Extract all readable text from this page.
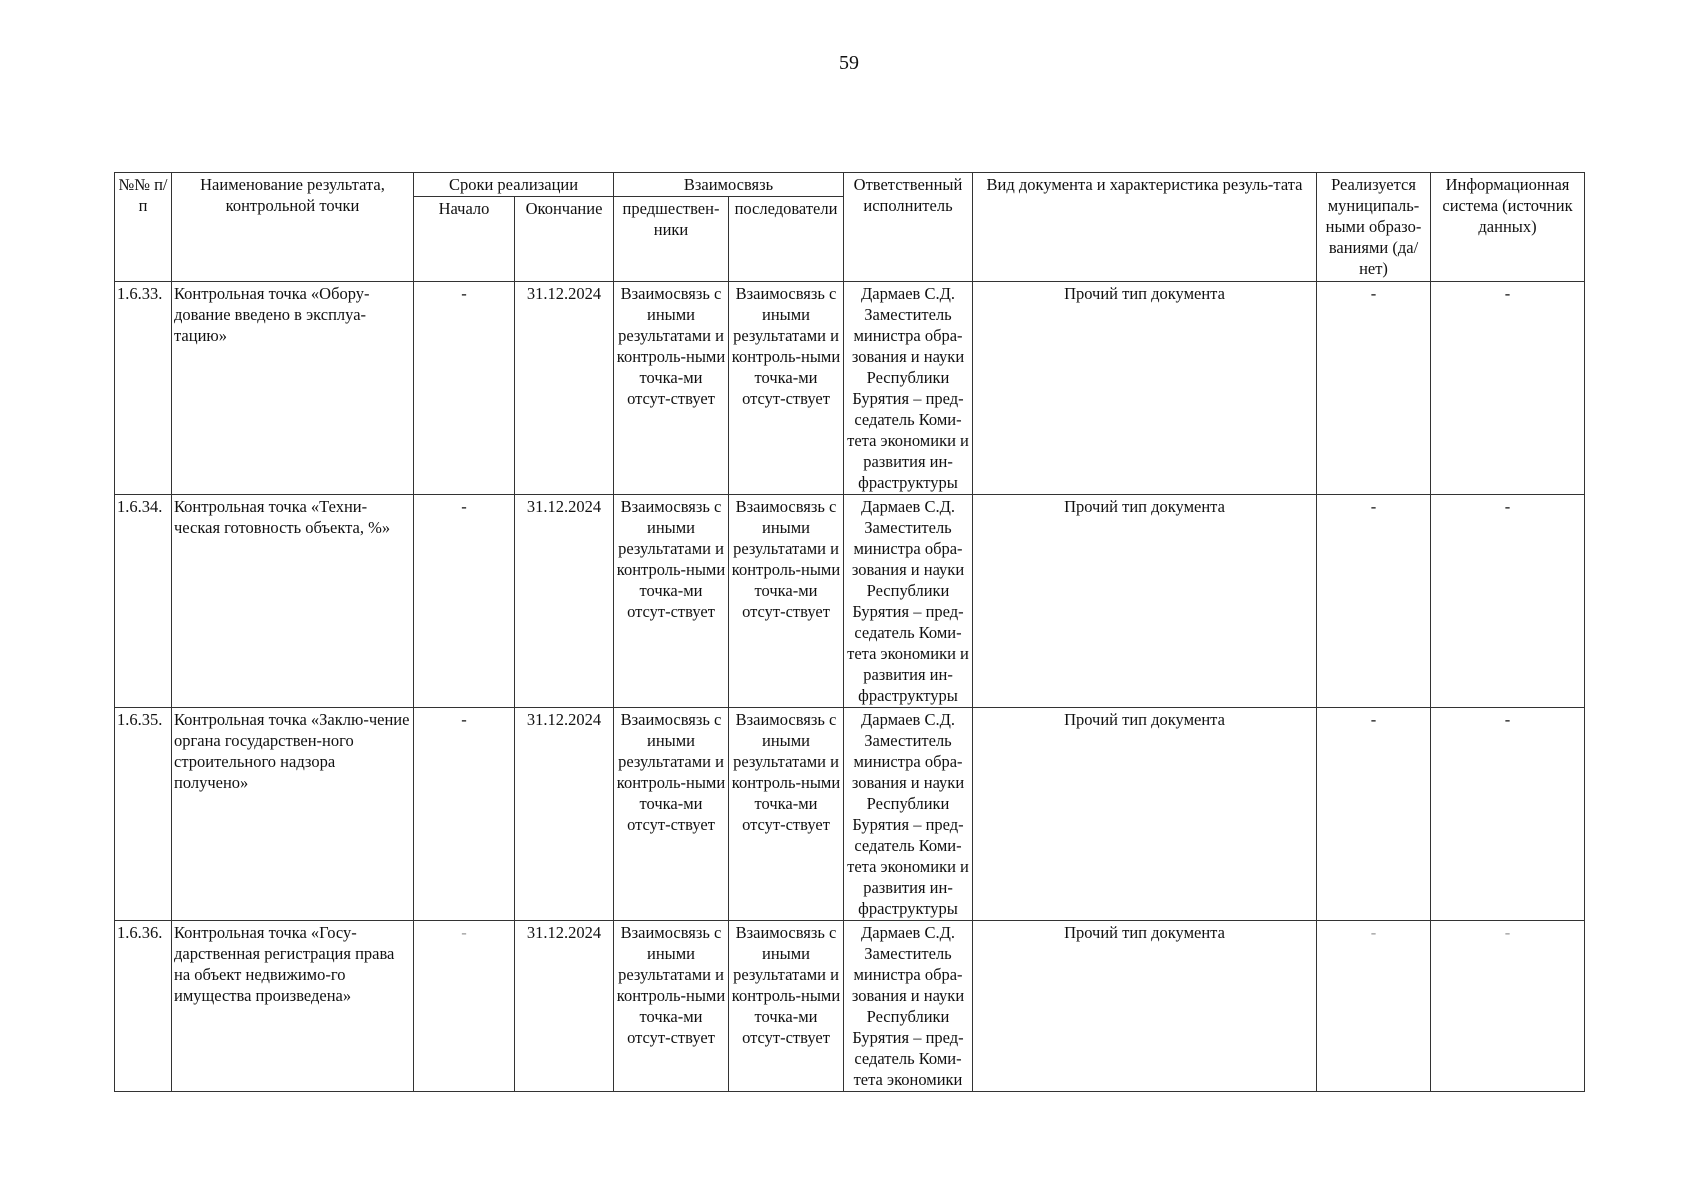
59
№№ п/п	Наименование результата, контрольной точки	Сроки реализации		Взаимосвязь		Ответственный исполнитель	Вид документа и характеристика резуль-тата	Реализуется муниципаль-ными образо-ваниями (да/нет)	Информационная система (источник данных)
		Начало	Окончание	предшествен-ники	последователи				
1.6.33.	Контрольная точка «Обору-дование введено в эксплуа-тацию»	-	31.12.2024	Взаимосвязь с иными результатами и контроль-ными точка-ми отсут-ствует	Взаимосвязь с иными результатами и контроль-ными точка-ми отсут-ствует	Дармаев С.Д. Заместитель министра обра-зования и науки Республики Бурятия – пред-седатель Коми-тета экономики и развития ин-фраструктуры	Прочий тип документа	-	-
1.6.34.	Контрольная точка «Техни-ческая готовность объекта, %»	-	31.12.2024	Взаимосвязь с иными результатами и контроль-ными точка-ми отсут-ствует	Взаимосвязь с иными результатами и контроль-ными точка-ми отсут-ствует	Дармаев С.Д. Заместитель министра обра-зования и науки Республики Бурятия – пред-седатель Коми-тета экономики и развития ин-фраструктуры	Прочий тип документа	-	-
1.6.35.	Контрольная точка «Заклю-чение органа государствен-ного строительного надзора получено»	-	31.12.2024	Взаимосвязь с иными результатами и контроль-ными точка-ми отсут-ствует	Взаимосвязь с иными результатами и контроль-ными точка-ми отсут-ствует	Дармаев С.Д. Заместитель министра обра-зования и науки Республики Бурятия – пред-седатель Коми-тета экономики и развития ин-фраструктуры	Прочий тип документа	-	-
1.6.36.	Контрольная точка «Госу-дарственная регистрация права на объект недвижимо-го имущества произведена»	-	31.12.2024	Взаимосвязь с иными результатами и контроль-ными точка-ми отсут-ствует	Взаимосвязь с иными результатами и контроль-ными точка-ми отсут-ствует	Дармаев С.Д. Заместитель министра обра-зования и науки Республики Бурятия – пред-седатель Коми-тета экономики	Прочий тип документа	-	-
